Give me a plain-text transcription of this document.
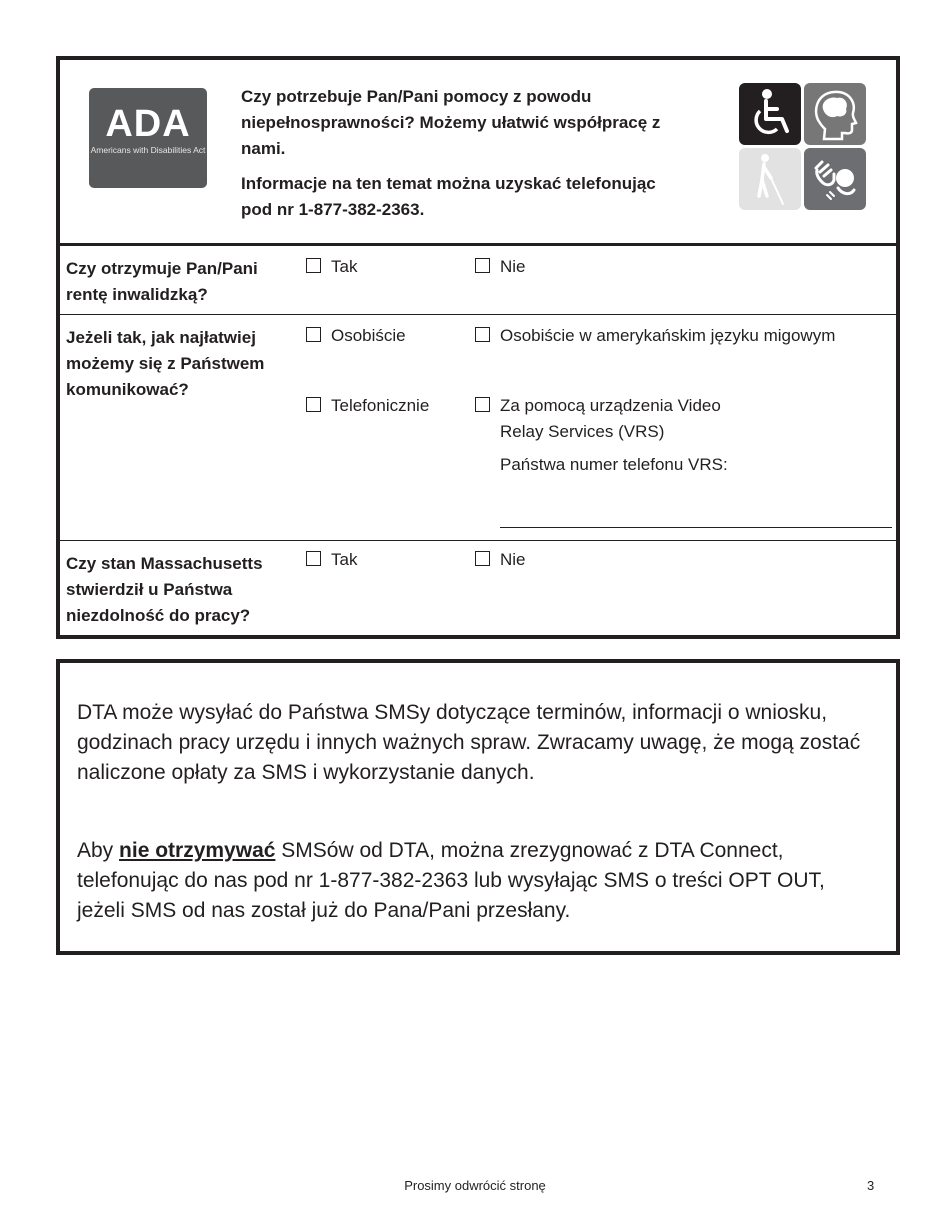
ADA
Americans with Disabilities Act

Czy potrzebuje Pan/Pani pomocy z powodu niepełnosprawności? Możemy ułatwić współpracę z nami.

Informacje na ten temat można uzyskać telefonując pod nr 1-877-382-2363.

Czy otrzymuje Pan/Pani rentę inwalidzką?
Tak	Nie
Jeżeli tak, jak najłatwiej możemy się z Państwem komunikować?
Osobiście	Osobiście w amerykańskim języku migowym
Telefonicznie	Za pomocą urządzenia Video Relay Services (VRS)
Państwa numer telefonu VRS:
Czy stan Massachusetts stwierdził u Państwa niezdolność do pracy?
Tak	Nie

DTA może wysyłać do Państwa SMSy dotyczące terminów, informacji o wniosku, godzinach pracy urzędu i innych ważnych spraw. Zwracamy uwagę, że mogą zostać naliczone opłaty za SMS i wykorzystanie danych.

Aby nie otrzymywać SMSów od DTA, można zrezygnować z DTA Connect, telefonując do nas pod nr 1-877-382-2363 lub wysyłając SMS o treści OPT OUT, jeżeli SMS od nas został już do Pana/Pani przesłany.

Prosimy odwrócić stronę	3
